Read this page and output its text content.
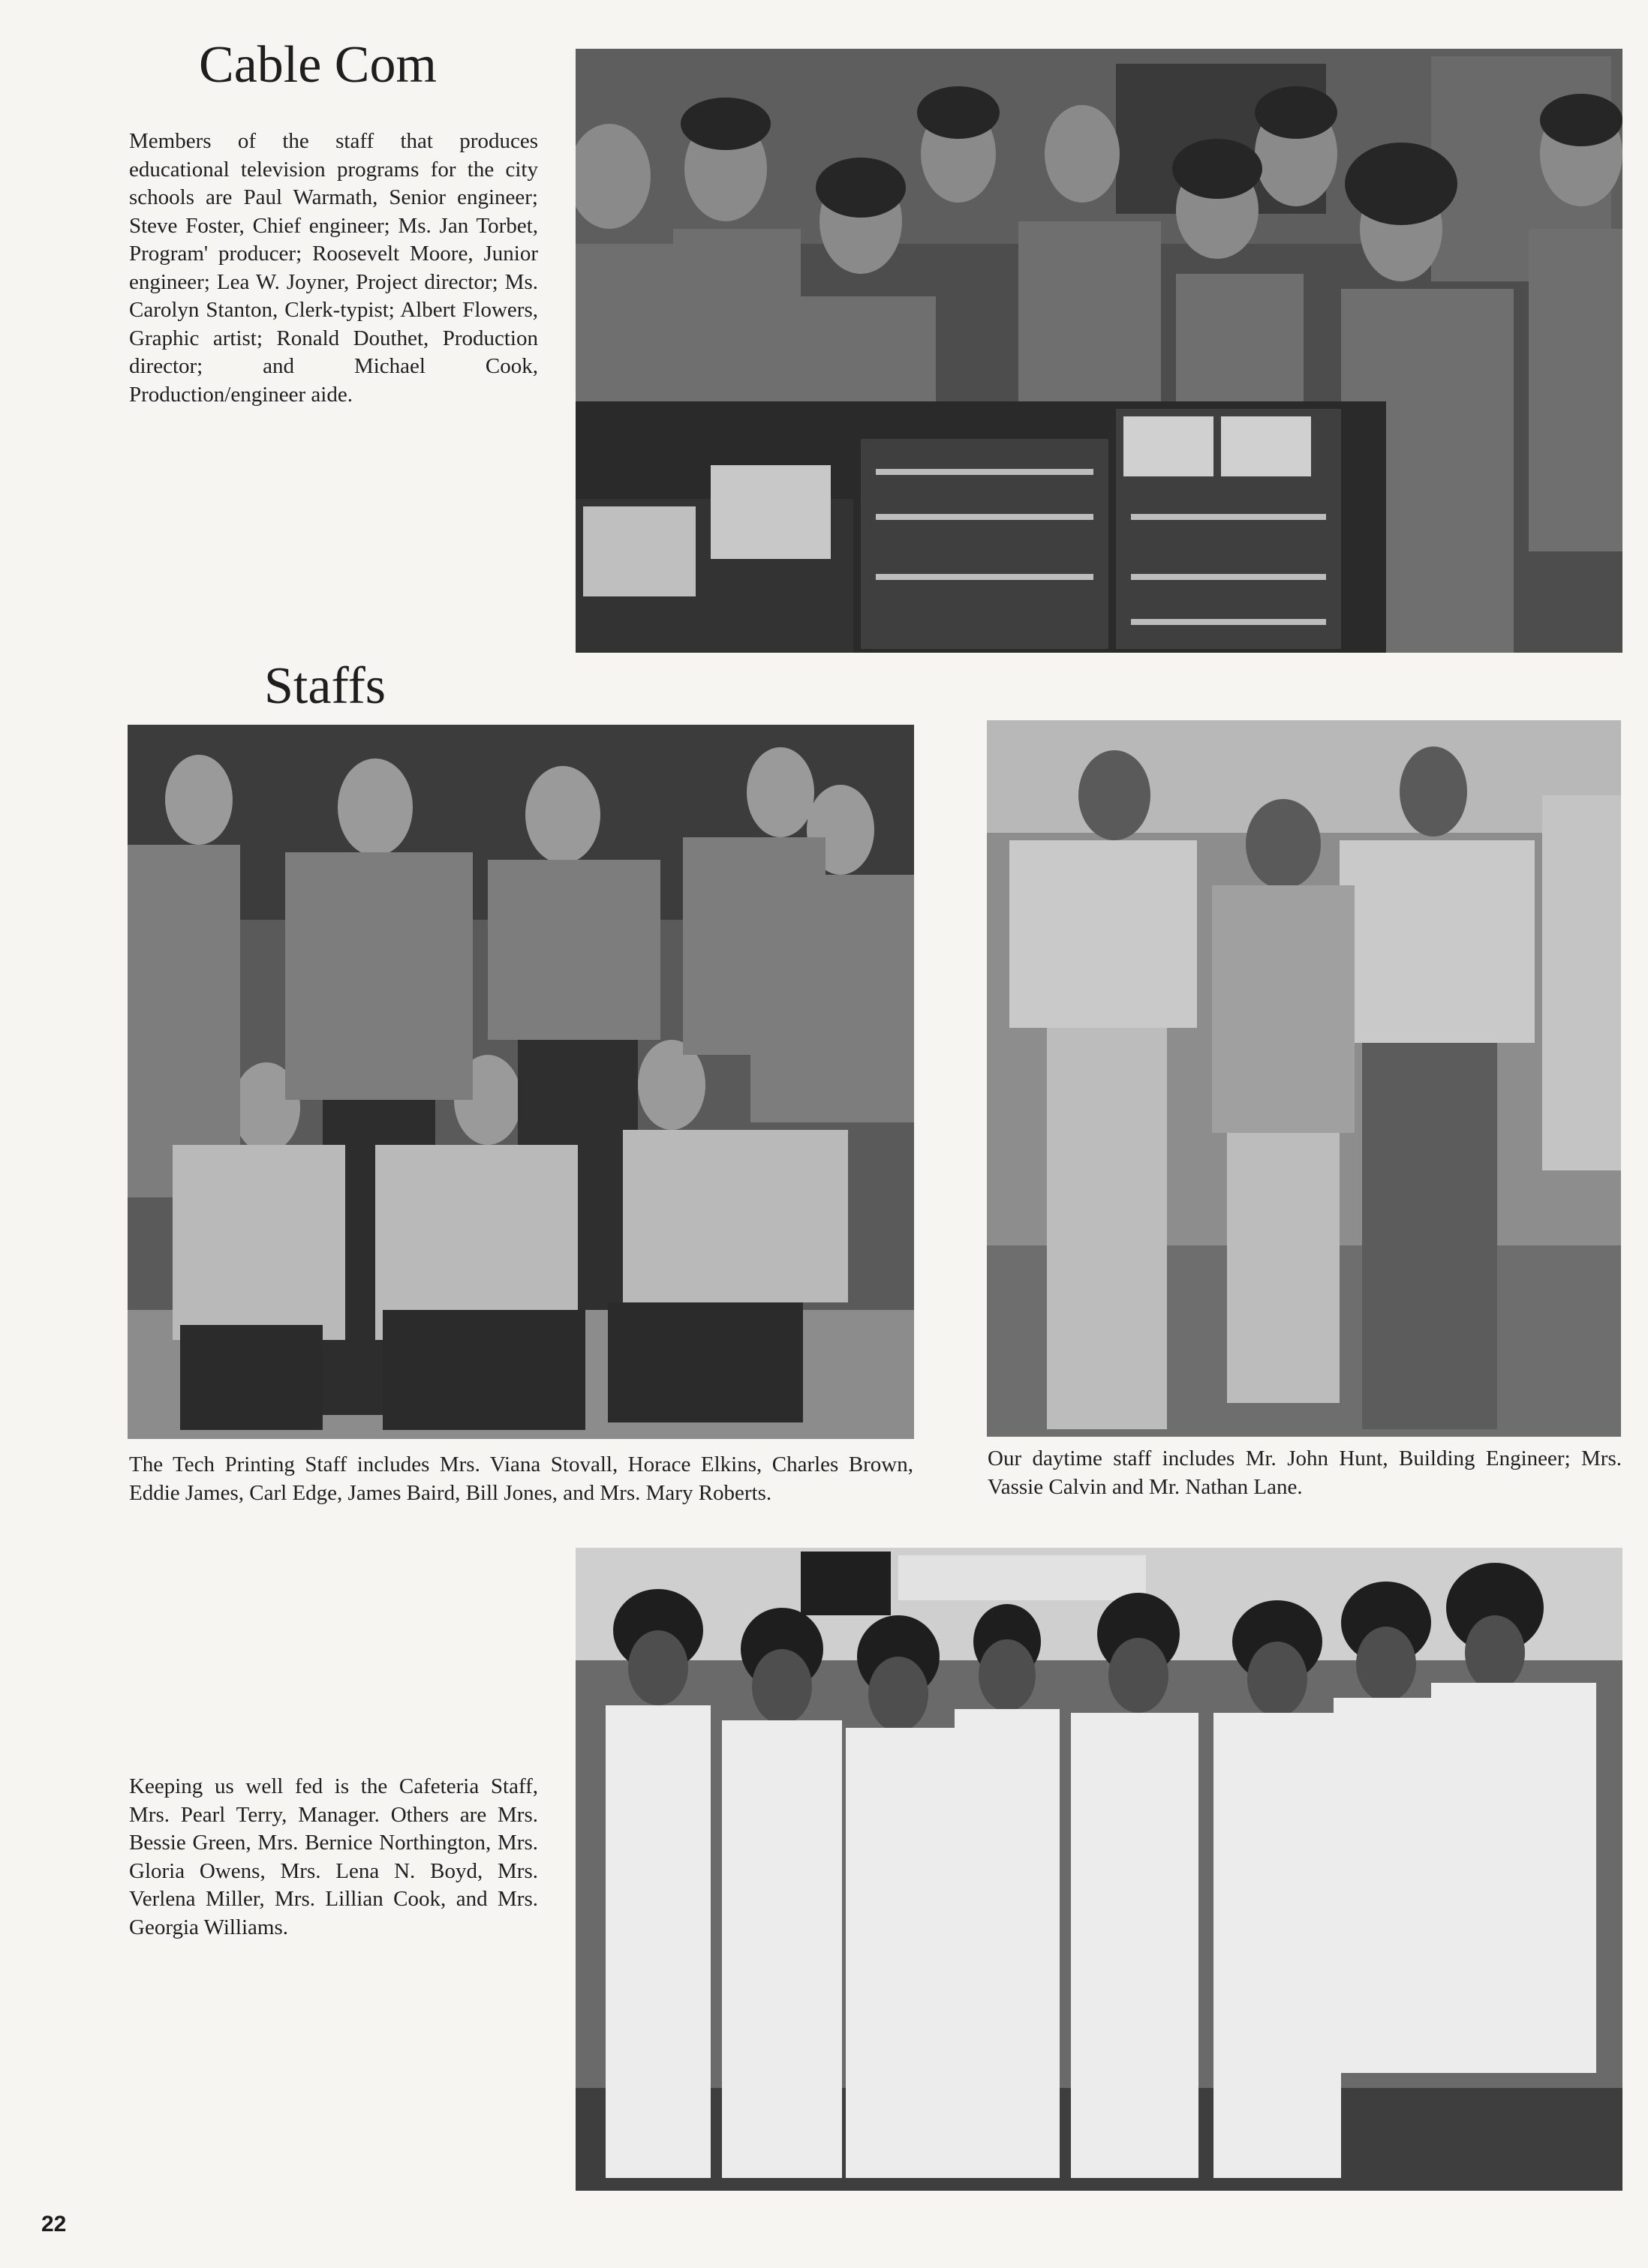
Cable Com

Members of the staff that produces educational television programs for the city schools are Paul Warmath, Senior engineer; Steve Foster, Chief engineer; Ms. Jan Torbet, Program' producer; Roosevelt Moore, Junior engineer; Lea W. Joyner, Project director; Ms. Carolyn Stanton, Clerk-typist; Albert Flowers, Graphic artist; Ronald Douthet, Production director; and Michael Cook, Production/engineer aide.

Staffs

The Tech Printing Staff includes Mrs. Viana Stovall, Horace Elkins, Charles Brown, Eddie James, Carl Edge, James Baird, Bill Jones, and Mrs. Mary Roberts.

Our daytime staff includes Mr. John Hunt, Building Engineer; Mrs. Vassie Calvin and Mr. Nathan Lane.

Keeping us well fed is the Cafeteria Staff, Mrs. Pearl Terry, Manager. Others are Mrs. Bessie Green, Mrs. Bernice Northington, Mrs. Gloria Owens, Mrs. Lena N. Boyd, Mrs. Verlena Miller, Mrs. Lillian Cook, and Mrs. Georgia Williams.

22
